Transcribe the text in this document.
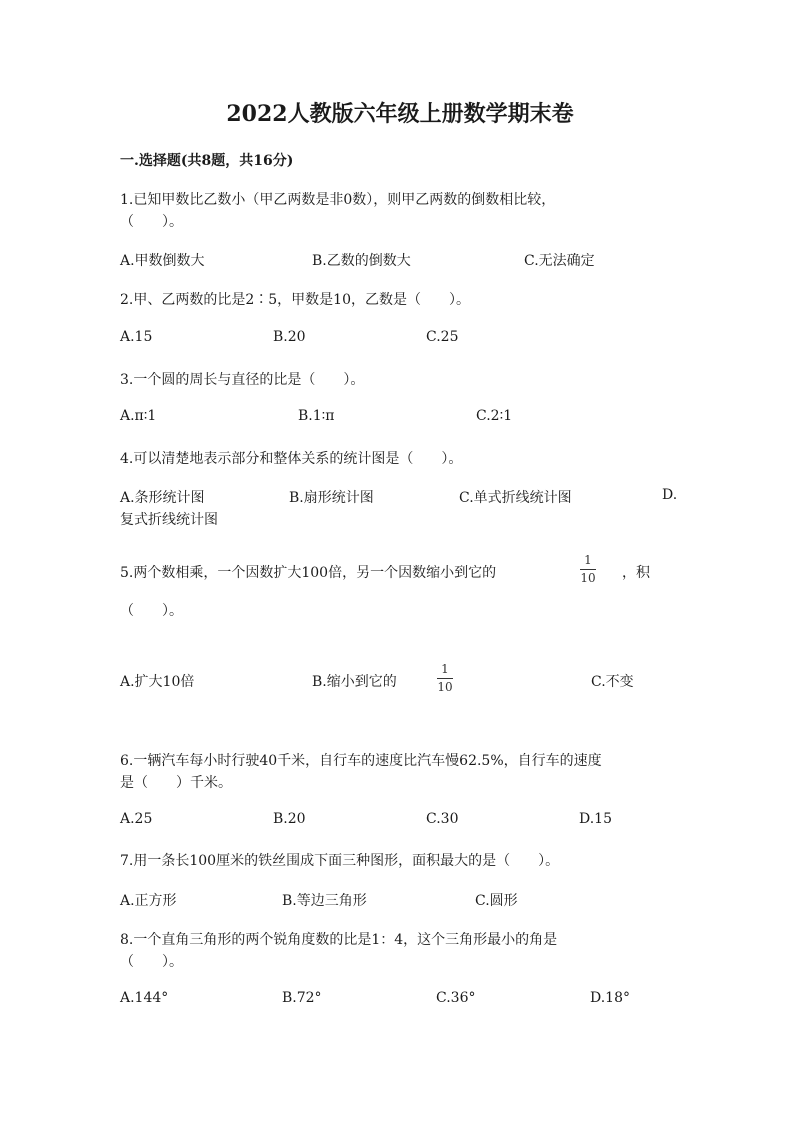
2022人教版六年级上册数学期末卷
一.选择题(共8题，共16分)
1.已知甲数比乙数小（甲乙两数是非0数），则甲乙两数的倒数相比较，
（　　）。
A.甲数倒数大	B.乙数的倒数大	C.无法确定
2.甲、乙两数的比是2∶5，甲数是10，乙数是（　　）。
A.15	B.20	C.25
3.一个圆的周长与直径的比是（　　）。
A.π∶1	B.1∶π	C.2∶1
4.可以清楚地表示部分和整体关系的统计图是（　　）。
A.条形统计图	B.扇形统计图	C.单式折线统计图	D.
复式折线统计图
5.两个数相乘，一个因数扩大100倍，另一个因数缩小到它的
1
10 ，积
（　　）。
A.扩大10倍	B.缩小到它的
1
10	C.不变
6.一辆汽车每小时行驶40千米，自行车的速度比汽车慢62.5%，自行车的速度
是（　　）千米。
A.25	B.20	C.30	D.15
7.用一条长100厘米的铁丝围成下面三种图形，面积最大的是（　　）。
A.正方形	B.等边三角形	C.圆形
8.一个直角三角形的两个锐角度数的比是1：4，这个三角形最小的角是
（　　）。
A.144°	B.72°	C.36°	D.18°
